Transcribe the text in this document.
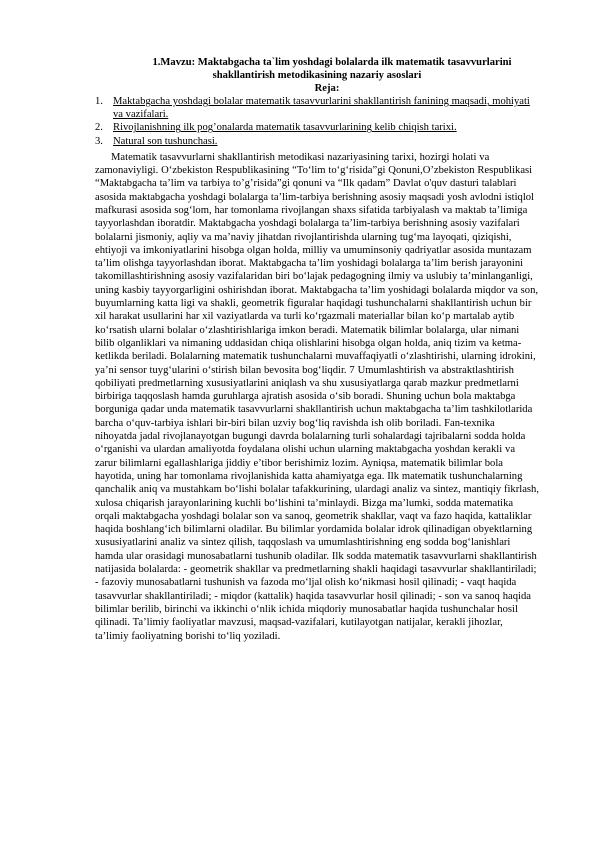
1.Mavzu: Maktabgacha ta`lim yoshdagi bolalarda ilk matematik tasavvurlarini
shakllantirish metodikasining nazariy asoslari

Reja:

1. Maktabgacha yoshdagi bolalar matematik tasavvurlarini shakllantirish fanining maqsadi, mohiyati va vazifalari.
2. Rivojlanishning ilk pog’onalarda matematik tasavvurlarining kelib chiqish tarixi.
3. Natural son tushunchasi.

Matematik tasavvurlarni shakllantirish metodikasi nazariyasining tarixi, hozirgi holati va zamonaviyligi. O‘zbekiston Respublikasining “To‘lim to‘g‘risida”gi Qonuni,O’zbekiston Respublikasi “Maktabgacha ta’lim va tarbiya to’g’risida”gi qonuni va “Ilk qadam” Davlat o'quv dasturi talablari asosida maktabgacha yoshdagi bolalarga ta’lim-tarbiya berishning asosiy maqsadi yosh avlodni istiqlol mafkurasi asosida sog‘lom, har tomonlama rivojlangan shaxs sifatida tarbiyalash va maktab ta’limiga tayyorlashdan iboratdir. Maktabgacha yoshdagi bolalarga ta’lim-tarbiya berishning asosiy vazifalari bolalarni jismoniy, aqliy va ma’naviy jihatdan rivojlantirishda ularning tug‘ma layoqati, qiziqishi, ehtiyoji va imkoniyatlarini hisobga olgan holda, milliy va umuminsoniy qadriyatlar asosida muntazam ta’lim olishga tayyorlashdan iborat. Maktabgacha ta’lim yoshidagi bolalarga ta’lim berish jarayonini takomillashtirishning asosiy vazifalaridan biri bo‘lajak pedagogning ilmiy va uslubiy ta’minlanganligi, uning kasbiy tayyorgarligini oshirishdan iborat. Maktabgacha ta’lim yoshidagi bolalarda miqdor va son, buyumlarning katta ligi va shakli, geometrik figuralar haqidagi tushunchalarni shakllantirish uchun bir xil harakat usullarini har xil vaziyatlarda va turli ko‘rgazmali materiallar bilan ko‘p martalab aytib ko‘rsatish ularni bolalar o‘zlashtirishlariga imkon beradi. Matematik bilimlar bolalarga, ular nimani bilib olganliklari va nimaning uddasidan chiqa olishlarini hisobga olgan holda, aniq tizim va ketma-ketlikda beriladi. Bolalarning matematik tushunchalarni muvaffaqiyatli o‘zlashtirishi, ularning idrokini, ya’ni sensor tuyg‘ularini o‘stirish bilan bevosita bog‘liqdir. 7 Umumlashtirish va abstraktlashtirish qobiliyati predmetlarning xususiyatlarini aniqlash va shu xususiyatlarga qarab mazkur predmetlarni birbiriga taqqoslash hamda guruhlarga ajratish asosida o‘sib boradi. Shuning uchun bola maktabga borguniga qadar unda matematik tasavvurlarni shakllantirish uchun maktabgacha ta’lim tashkilotlarida barcha o‘quv-tarbiya ishlari bir-biri bilan uzviy bog‘liq ravishda ish olib boriladi. Fan-texnika nihoyatda jadal rivojlanayotgan bugungi davrda bolalarning turli sohalardagi tajribalarni sodda holda o‘rganishi va ulardan amaliyotda foydalana olishi uchun ularning maktabgacha yoshdan kerakli va zarur bilimlarni egallashlariga jiddiy e’tibor berishimiz lozim. Ayniqsa, matematik bilimlar bola hayotida, uning har tomonlama rivojlanishida katta ahamiyatga ega. Ilk matematik tushunchalarning qanchalik aniq va mustahkam bo‘lishi bolalar tafakkurining, ulardagi analiz va sintez, mantiqiy fikrlash, xulosa chiqarish jarayonlarining kuchli bo‘lishini ta’minlaydi. Bizga ma’lumki, sodda matematika orqali maktabgacha yoshdagi bolalar son va sanoq, geometrik shakllar, vaqt va fazo haqida, kattaliklar haqida boshlang‘ich bilimlarni oladilar. Bu bilimlar yordamida bolalar idrok qilinadigan obyektlarning xususiyatlarini analiz va sintez qilish, taqqoslash va umumlashtirishning eng sodda bog‘lanishlari hamda ular orasidagi munosabatlarni tushunib oladilar. Ilk sodda matematik tasavvurlarni shakllantirish natijasida bolalarda: - geometrik shakllar va predmetlarning shakli haqidagi tasavvurlar shakllantiriladi; - fazoviy munosabatlarni tushunish va fazoda mo‘ljal olish ko‘nikmasi hosil qilinadi; - vaqt haqida tasavvurlar shakllantiriladi; - miqdor (kattalik) haqida tasavvurlar hosil qilinadi; - son va sanoq haqida bilimlar berilib, birinchi va ikkinchi o‘nlik ichida miqdoriy munosabatlar haqida tushunchalar hosil qilinadi. Ta’limiy faoliyatlar mavzusi, maqsad-vazifalari, kutilayotgan natijalar, kerakli jihozlar, ta’limiy faoliyatning borishi to‘liq yoziladi.
